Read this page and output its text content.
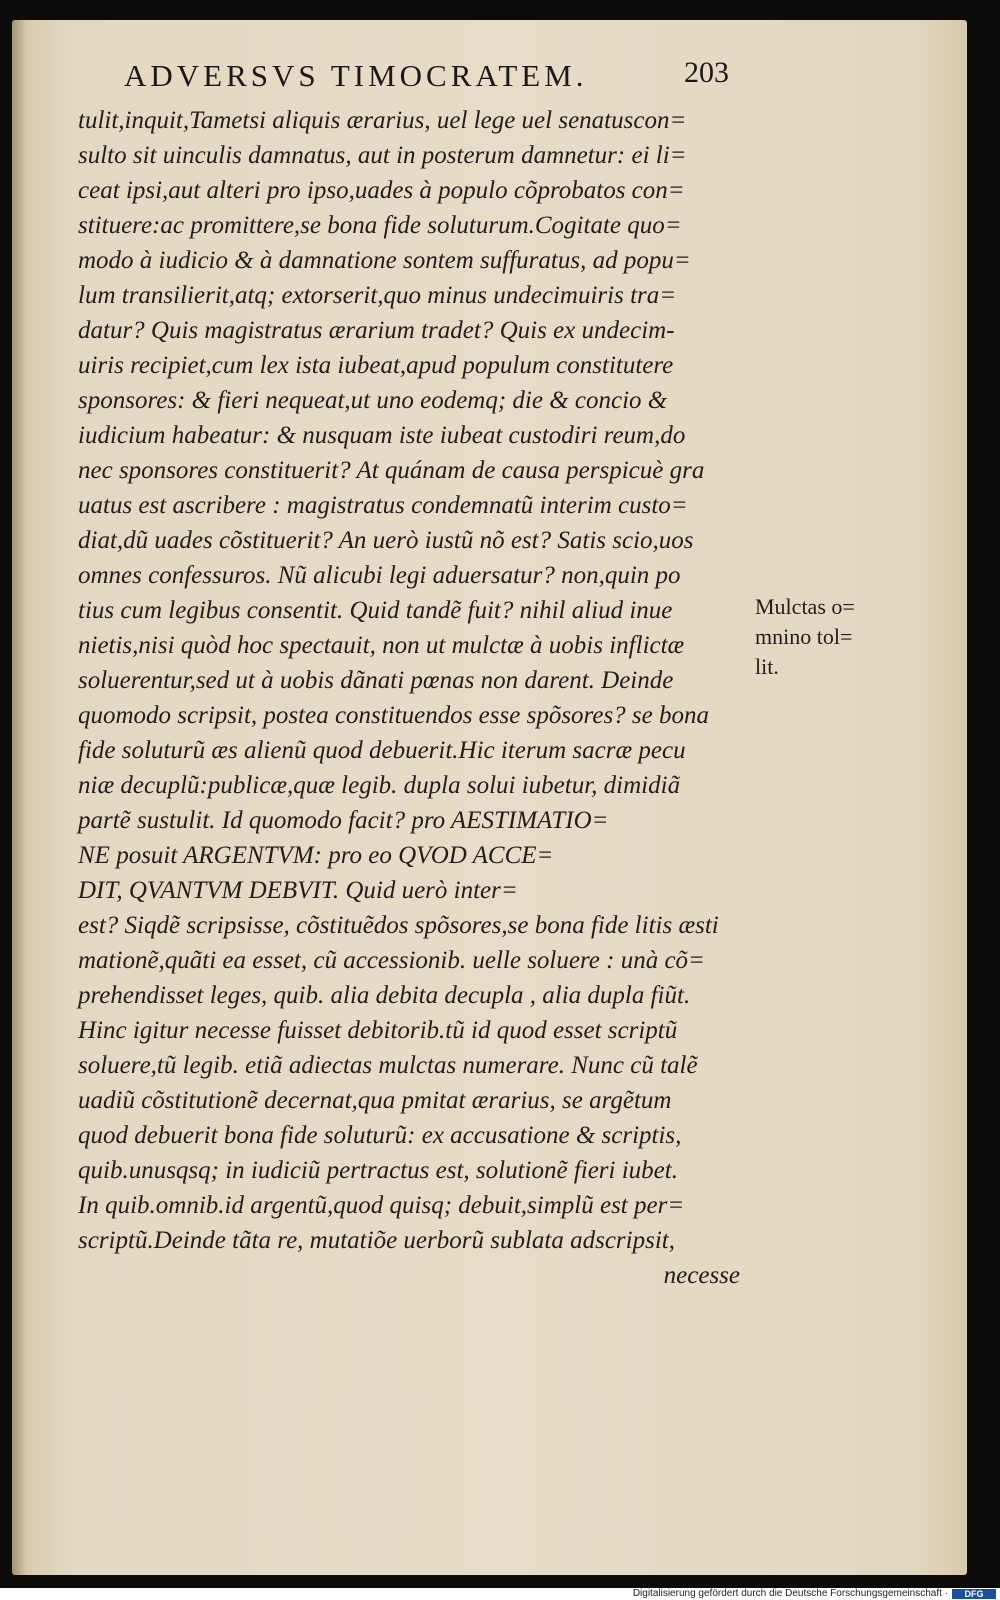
ADVERSVS TIMOCRATEM.	203
tulit,inquit,Tametsi aliquis ærarius, uel lege uel senatuscon=
sulto sit uinculis damnatus, aut in posterum damnetur: ei li=
ceat ipsi,aut alteri pro ipso,uades à populo cõprobatos con=
stituere:ac promittere,se bona fide soluturum.Cogitate quo=
modo à iudicio & à damnatione sontem suffuratus, ad popu=
lum transilierit,atq; extorserit,quo minus undecimuiris tra=
datur? Quis magistratus ærarium tradet? Quis ex undecim-
uiris recipiet,cum lex ista iubeat,apud populum constitutere
sponsores: & fieri nequeat,ut uno eodemq; die & concio &
iudicium habeatur: & nusquam iste iubeat custodiri reum,do
nec sponsores constituerit? At quánam de causa perspicuè gra
uatus est ascribere : magistratus condemnatũ interim custo=
diat,dũ uades cõstituerit? An uerò iustũ nõ est? Satis scio,uos
omnes confessuros. Nũ alicubi legi aduersatur? non,quin po
tius cum legibus consentit. Quid tandẽ fuit? nihil aliud inue
nietis,nisi quòd hoc spectauit, non ut mulctæ à uobis inflictæ
soluerentur,sed ut à uobis dãnati pœnas non darent. Deinde
quomodo scripsit, postea constituendos esse spõsores? se bona
fide soluturũ æs alienũ quod debuerit.Hic iterum sacræ pecu
niæ decuplũ:publicæ,quæ legib. dupla solui iubetur, dimidiã
partẽ sustulit. Id quomodo facit? pro AESTIMATIO=
NE posuit ARGENTVM: pro eo QVOD ACCE=
DIT, QVANTVM DEBVIT. Quid uerò inter=
est? Siqdẽ scripsisse, cõstituẽdos spõsores,se bona fide litis æsti
mationẽ,quãti ea esset, cũ accessionib. uelle soluere : unà cõ=
prehendisset leges, quib. alia debita decupla , alia dupla fiũt.
Hinc igitur necesse fuisset debitorib.tũ id quod esset scriptũ
soluere,tũ legib. etiã adiectas mulctas numerare. Nunc cũ talẽ
uadiũ cõstitutionẽ decernat,qua pmitat ærarius, se argẽtum
quod debuerit bona fide soluturũ: ex accusatione & scriptis,
quib.unusqsq; in iudiciũ pertractus est, solutionẽ fieri iubet.
In quib.omnib.id argentũ,quod quisq; debuit,simplũ est per=
scriptũ.Deinde tãta re, mutatiõe uerborũ sublata adscripsit,
necesse
Mulctas o=
mnino tol=
lit.
Digitalisierung gefördert durch die Deutsche Forschungsgemeinschaft ·	DFG
